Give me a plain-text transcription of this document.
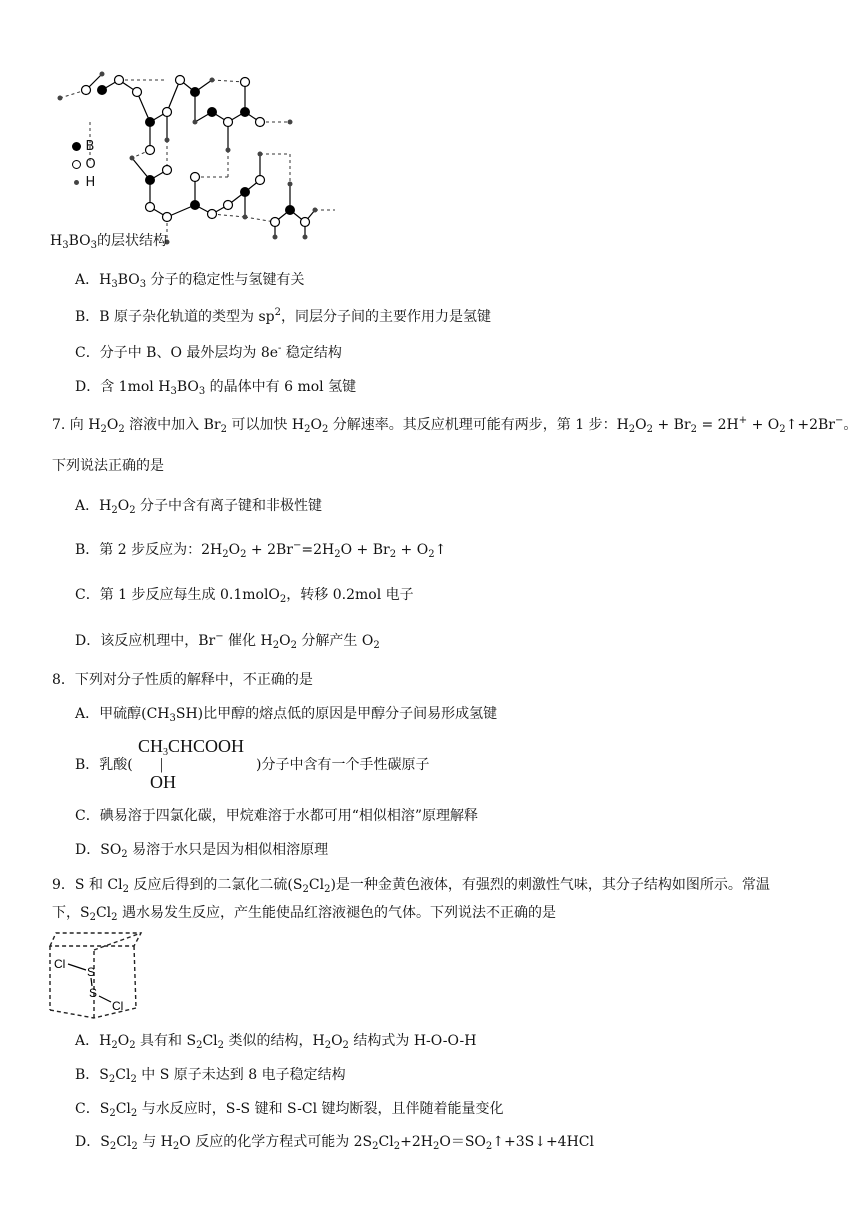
B
O
H
$H_3BO_3$的层状结构
A．$H_3BO_3$ 分子的稳定性与氢键有关
B．B 原子杂化轨道的类型为 $sp^2$，同层分子间的主要作用力是氢键
C．分子中 B、O 最外层均为 8e- 稳定结构
D．含 1mol $H_3BO_3$ 的晶体中有 6 mol 氢键
7. 向 $H_2O_2$ 溶液中加入 $Br_2$ 可以加快 $H_2O_2$ 分解速率。其反应机理可能有两步，第 1 步：$H_2O_2 + Br_2 = 2H^+$ + $O_2↑+2Br^-$。
下列说法正确的是
A．$H_2O_2$ 分子中含有离子键和非极性键
B．第 2 步反应为：$2H_2O_2 + 2Br^-=2H_2O + Br_2$ + $O_2↑$
C．第 1 步反应每生成 0.1molO$_2$，转移 0.2mol 电子
D．该反应机理中，Br− 催化 $H_2O_2$ 分解产生 $O_2$
8．下列对分子性质的解释中，不正确的是
A．甲硫醇$(CH_3SH)$比甲醇的熔点低的原因是甲醇分子间易形成氢键
B．乳酸(
$CH_3CHCOOH$
|
OH
)分子中含有一个手性碳原子
C．碘易溶于四氯化碳，甲烷难溶于水都可用“相似相溶”原理解释
D．$SO_2$ 易溶于水只是因为相似相溶原理
9．S 和 $Cl_2$ 反应后得到的二氯化二硫$(S_2Cl_2)$是一种金黄色液体，有强烈的刺激性气味，其分子结构如图所示。常温
下，$S_2Cl_2$ 遇水易发生反应，产生能使品红溶液褪色的气体。下列说法不正确的是
Cl
S
S
Cl
A．$H_2O_2$ 具有和 $S_2Cl_2$ 类似的结构，$H_2O_2$ 结构式为 H-O-O-H
B．$S_2Cl_2$ 中 S 原子未达到 8 电子稳定结构
C．$S_2Cl_2$ 与水反应时，S-S 键和 S-Cl 键均断裂，且伴随着能量变化
D．$S_2Cl_2$ 与 $H_2O$ 反应的化学方程式可能为 $2S_2Cl_2+2H_2O=SO_2↑+3S↓+4HCl$
